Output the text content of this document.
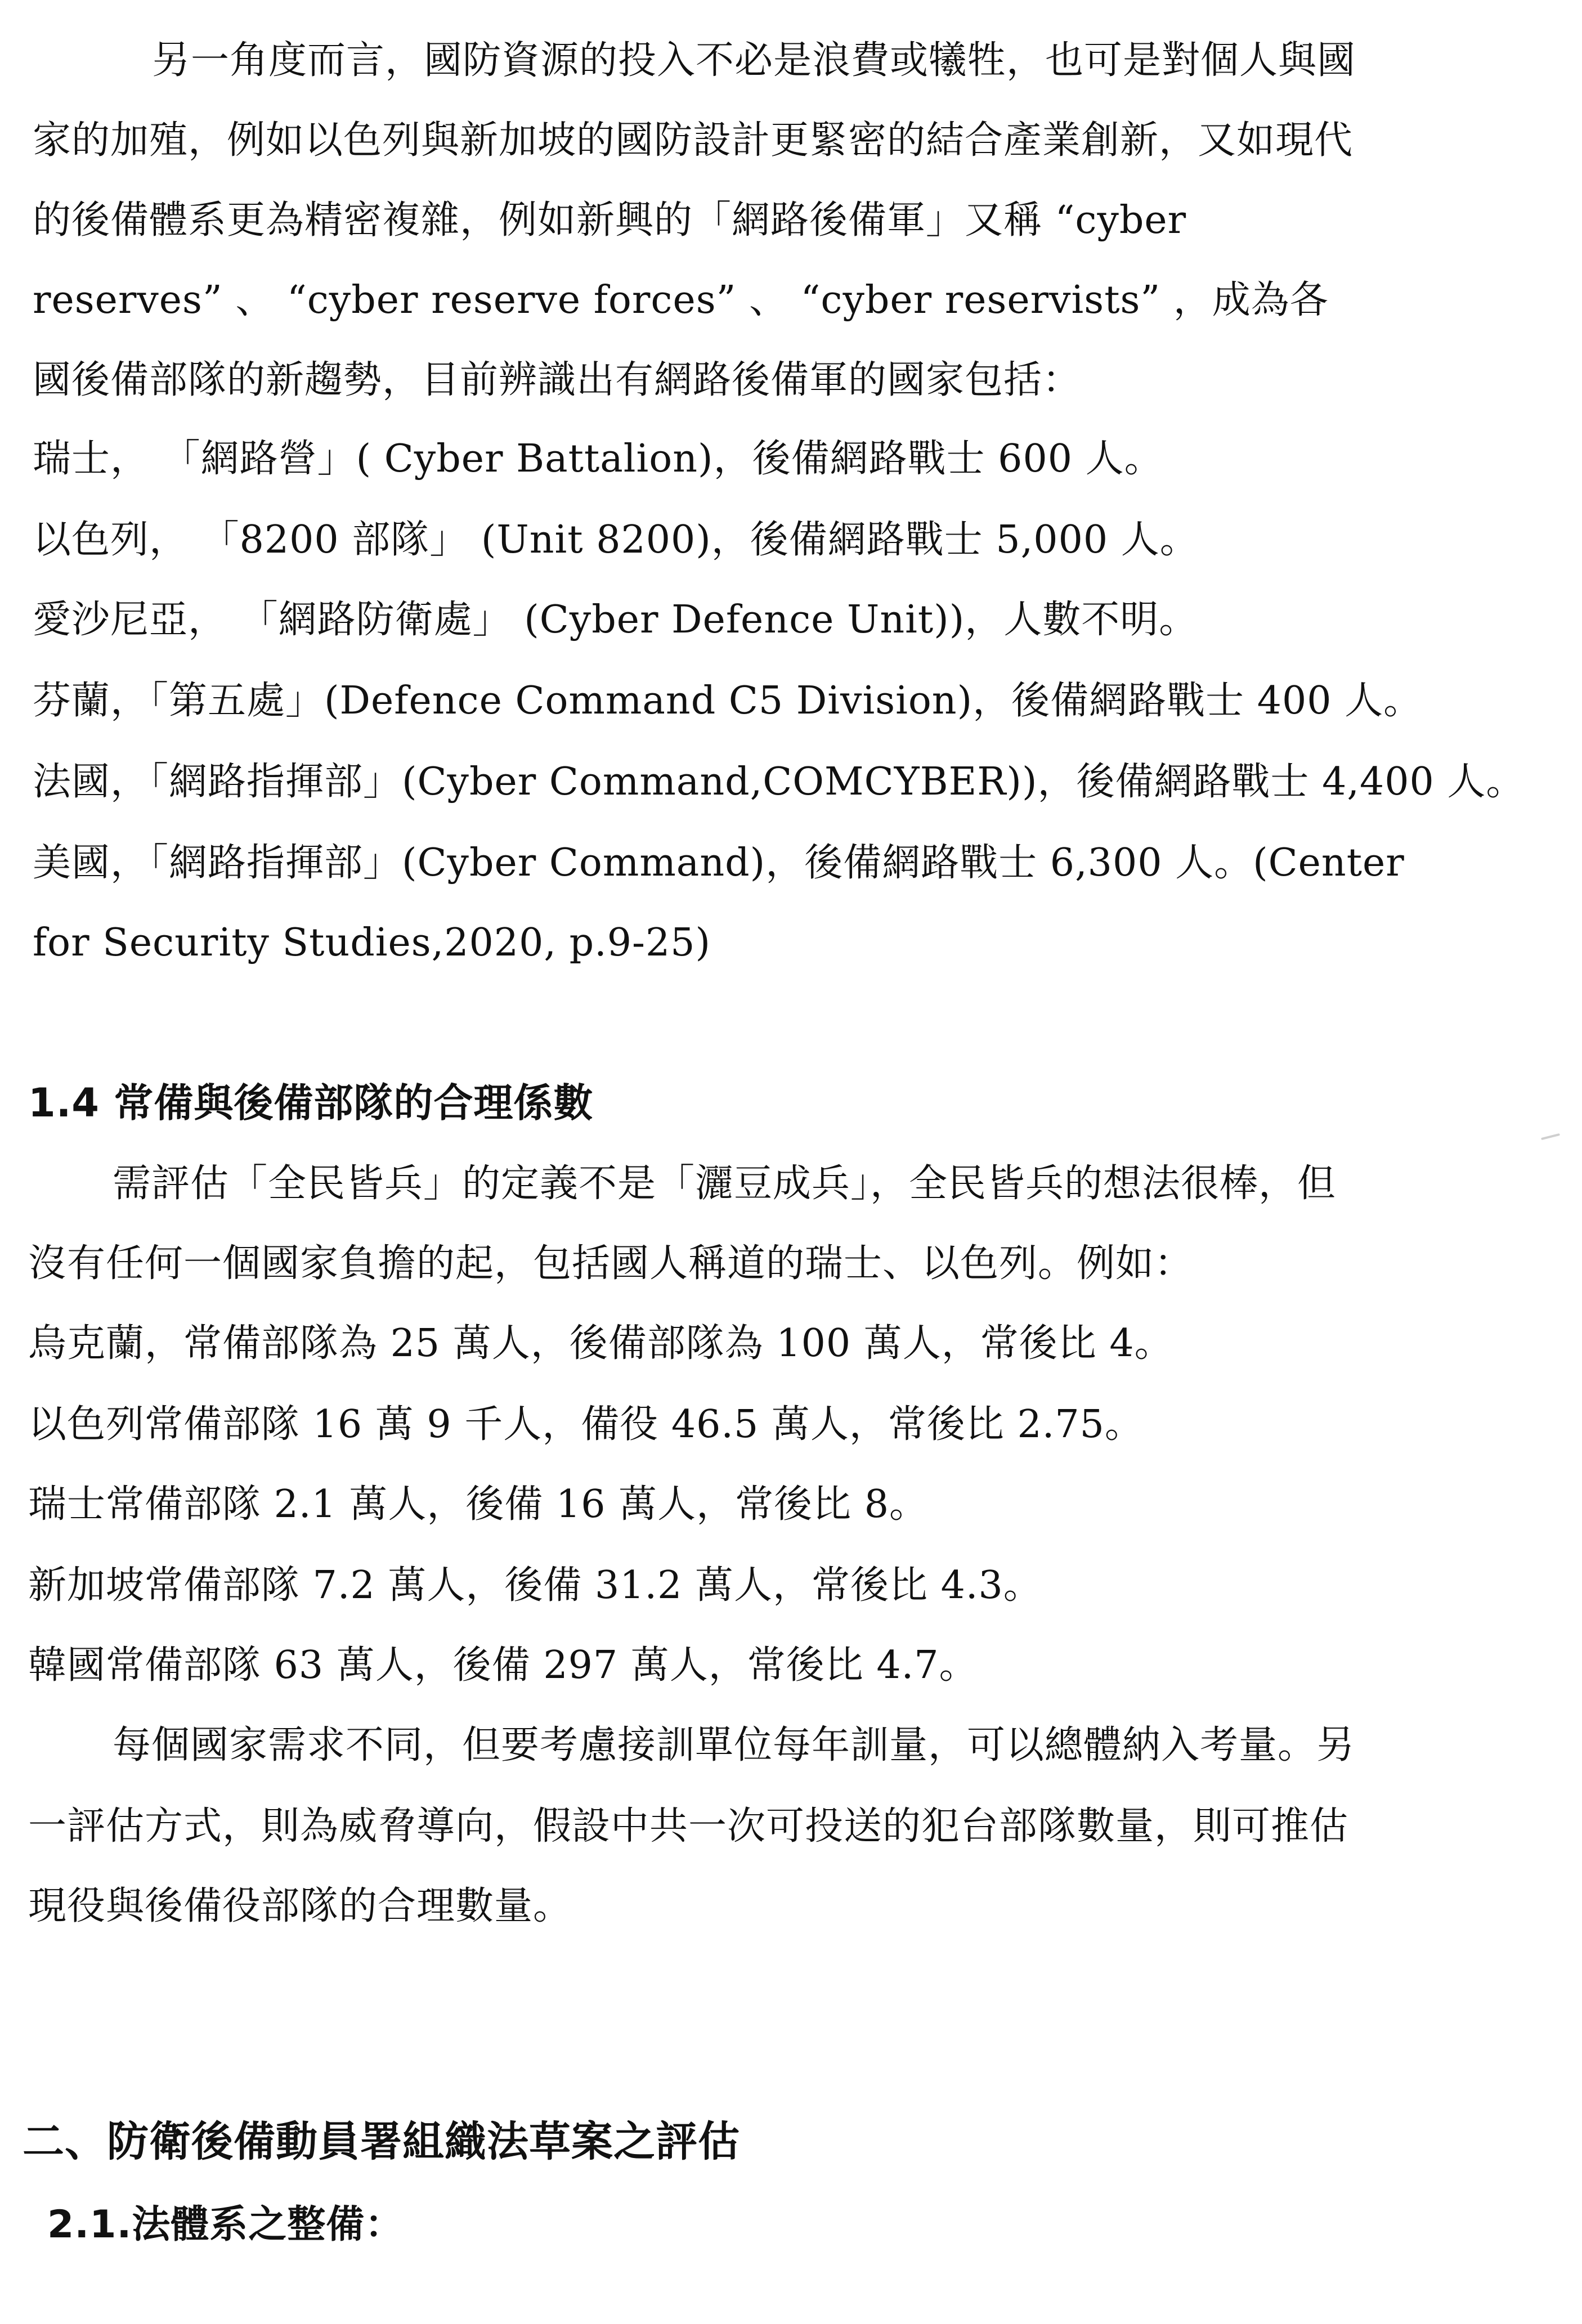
另一角度而言，國防資源的投入不必是浪費或犧牲，也可是對個人與國
家的加殖，例如以色列與新加坡的國防設計更緊密的結合產業創新，又如現代
的後備體系更為精密複雜，例如新興的「網路後備軍」又稱 “cyber
reserves” 、 “cyber reserve forces” 、 “cyber reservists” ，成為各
國後備部隊的新趨勢，目前辨識出有網路後備軍的國家包括：
瑞士， 「網路營」( Cyber Battalion)，後備網路戰士 600 人。
以色列， 「8200 部隊」 (Unit 8200)，後備網路戰士 5,000 人。
愛沙尼亞， 「網路防衛處」 (Cyber Defence Unit))，人數不明。
芬蘭，「第五處」(Defence Command C5 Division)，後備網路戰士 400 人。
法國，「網路指揮部」(Cyber Command,COMCYBER))，後備網路戰士 4,400 人。
美國，「網路指揮部」(Cyber Command)，後備網路戰士 6,300 人。(Center
for Security Studies,2020, p.9-25)
1.4 常備與後備部隊的合理係數
需評估「全民皆兵」的定義不是「灑豆成兵」，全民皆兵的想法很棒，但
沒有任何一個國家負擔的起，包括國人稱道的瑞士、以色列。例如：
烏克蘭，常備部隊為 25 萬人，後備部隊為 100 萬人，常後比 4。
以色列常備部隊 16 萬 9 千人，備役 46.5 萬人，常後比 2.75。
瑞士常備部隊 2.1 萬人，後備 16 萬人，常後比 8。
新加坡常備部隊 7.2 萬人，後備 31.2 萬人，常後比 4.3。
韓國常備部隊 63 萬人，後備 297 萬人，常後比 4.7。
每個國家需求不同，但要考慮接訓單位每年訓量，可以總體納入考量。另
一評估方式，則為威脅導向，假設中共一次可投送的犯台部隊數量，則可推估
現役與後備役部隊的合理數量。
二、防衛後備動員署組織法草案之評估
2.1.法體系之整備：
